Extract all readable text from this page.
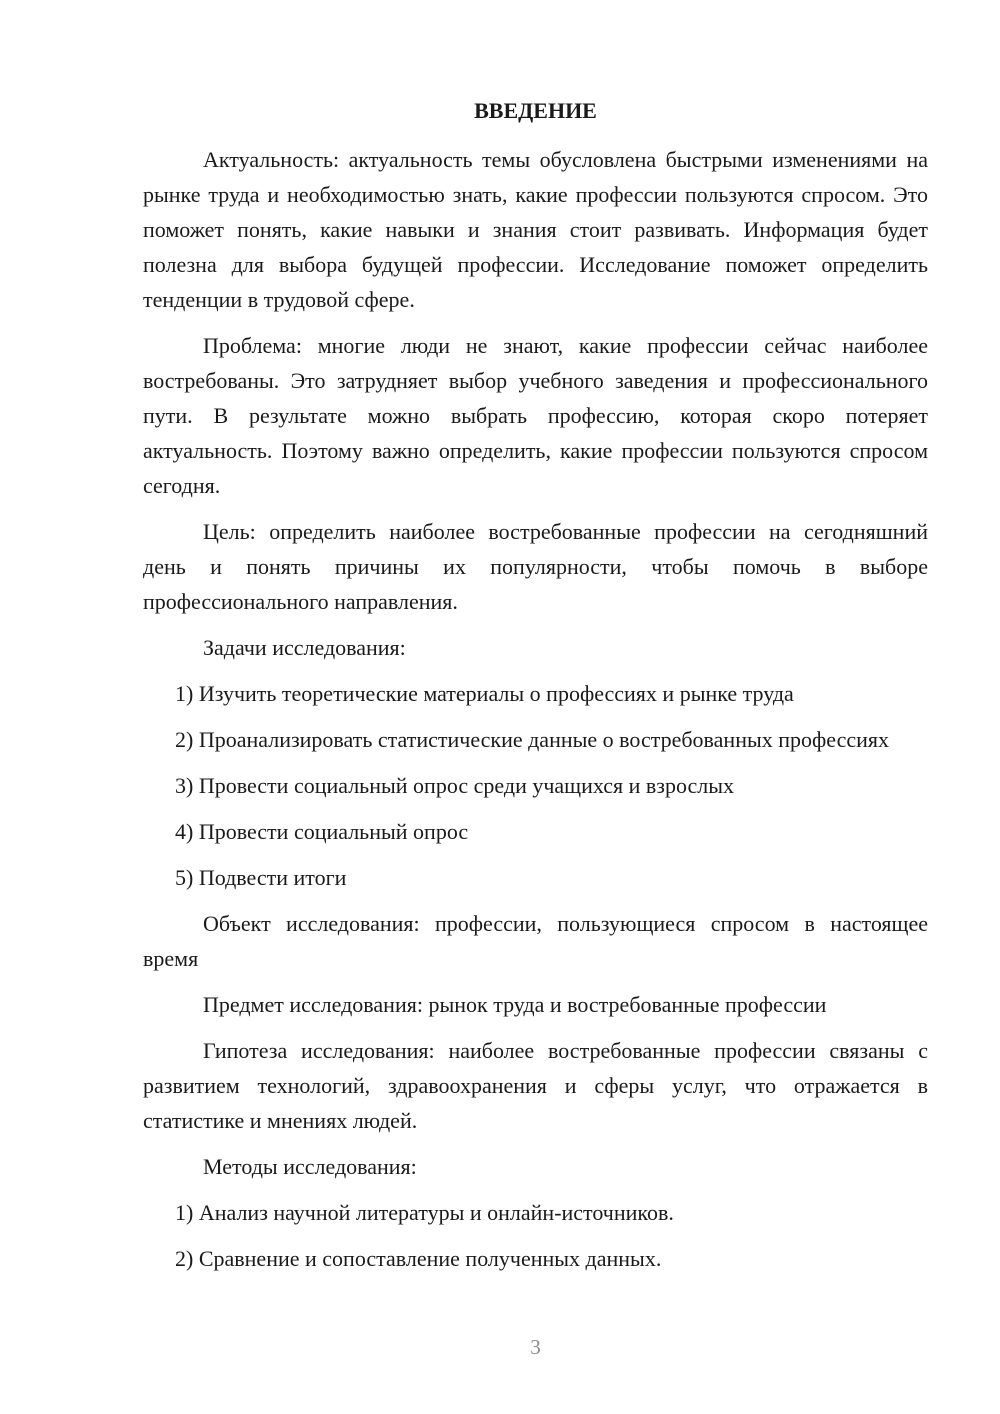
ВВЕДЕНИЕ

Актуальность: актуальность темы обусловлена быстрыми изменениями на рынке труда и необходимостью знать, какие профессии пользуются спросом. Это поможет понять, какие навыки и знания стоит развивать. Информация будет полезна для выбора будущей профессии. Исследование поможет определить тенденции в трудовой сфере.

Проблема: многие люди не знают, какие профессии сейчас наиболее востребованы. Это затрудняет выбор учебного заведения и профессионального пути. В результате можно выбрать профессию, которая скоро потеряет актуальность. Поэтому важно определить, какие профессии пользуются спросом сегодня.

Цель: определить наиболее востребованные профессии на сегодняшний день и понять причины их популярности, чтобы помочь в выборе профессионального направления.

Задачи исследования:

1) Изучить теоретические материалы о профессиях и рынке труда

2) Проанализировать статистические данные о востребованных профессиях

3) Провести социальный опрос среди учащихся и взрослых

4) Провести социальный опрос

5) Подвести итоги

Объект исследования: профессии, пользующиеся спросом в настоящее время

Предмет исследования: рынок труда и востребованные профессии

Гипотеза исследования: наиболее востребованные профессии связаны с развитием технологий, здравоохранения и сферы услуг, что отражается в статистике и мнениях людей.

Методы исследования:

1) Анализ научной литературы и онлайн-источников.

2) Сравнение и сопоставление полученных данных.

3
